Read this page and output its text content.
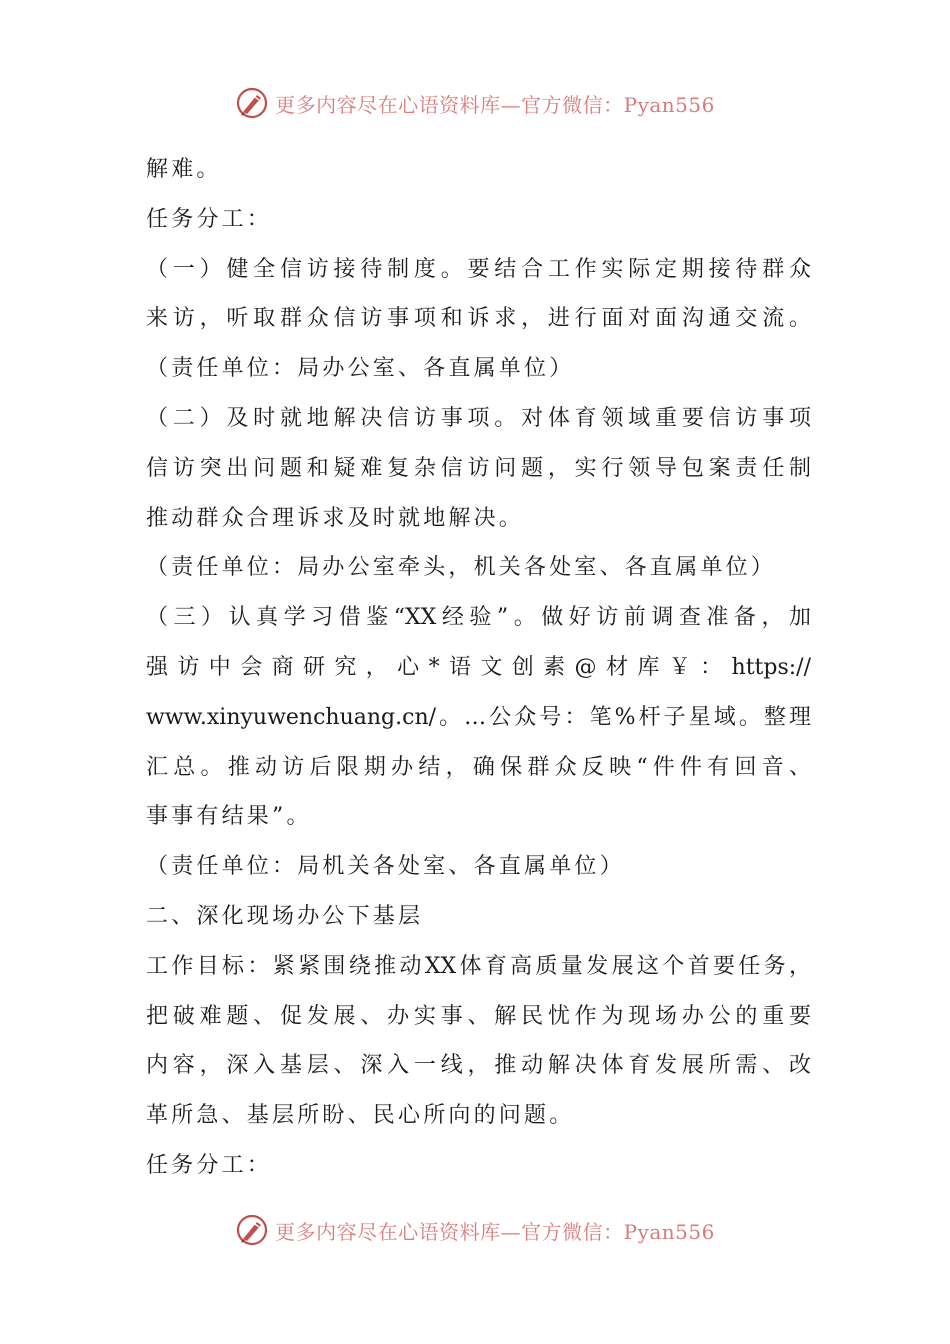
更多内容尽在心语资料库—官方微信：Pyan556
解难。
任务分工：
（一）健全信访接待制度。要结合工作实际定期接待群众
来访，听取群众信访事项和诉求，进行面对面沟通交流。
（责任单位：局办公室、各直属单位）
（二）及时就地解决信访事项。对体育领域重要信访事项
信访突出问题和疑难复杂信访问题，实行领导包案责任制
推动群众合理诉求及时就地解决。
（责任单位：局办公室牵头，机关各处室、各直属单位）
（三）认真学习借鉴“XX经验”。做好访前调查准备，加
强访中会商研究，心*语文创素@材库￥：https://
www.xinyuwenchuang.cn/。…公众号：笔%杆子星域。整理
汇总。推动访后限期办结，确保群众反映“件件有回音、
事事有结果”。
（责任单位：局机关各处室、各直属单位）
二、深化现场办公下基层
工作目标：紧紧围绕推动XX体育高质量发展这个首要任务，
把破难题、促发展、办实事、解民忧作为现场办公的重要
内容，深入基层、深入一线，推动解决体育发展所需、改
革所急、基层所盼、民心所向的问题。
任务分工：
更多内容尽在心语资料库—官方微信：Pyan556
